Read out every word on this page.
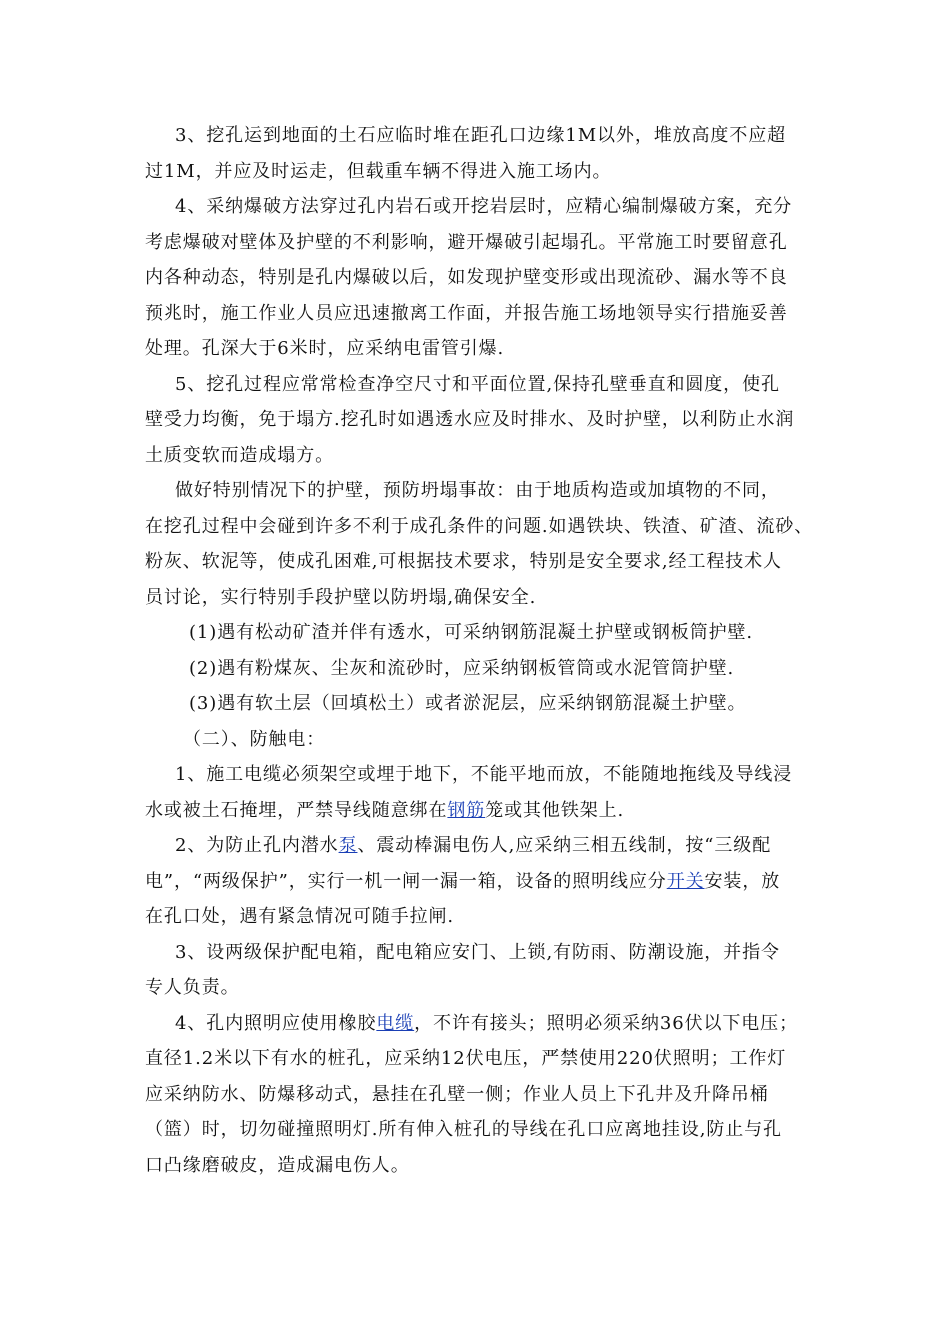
3、挖孔运到地面的土石应临时堆在距孔口边缘1M以外，堆放高度不应超
过1M，并应及时运走，但载重车辆不得进入施工场内。
4、采纳爆破方法穿过孔内岩石或开挖岩层时，应精心编制爆破方案，充分
考虑爆破对壁体及护壁的不利影响，避开爆破引起塌孔。平常施工时要留意孔
内各种动态，特别是孔内爆破以后，如发现护壁变形或出现流砂、漏水等不良
预兆时，施工作业人员应迅速撤离工作面，并报告施工场地领导实行措施妥善
处理。孔深大于6米时，应采纳电雷管引爆.
5、挖孔过程应常常检查净空尺寸和平面位置,保持孔壁垂直和圆度，使孔
壁受力均衡，免于塌方.挖孔时如遇透水应及时排水、及时护壁，以利防止水润
土质变软而造成塌方。
做好特别情况下的护壁，预防坍塌事故：由于地质构造或加填物的不同，
在挖孔过程中会碰到许多不利于成孔条件的问题.如遇铁块、铁渣、矿渣、流砂、
粉灰、软泥等，使成孔困难,可根据技术要求，特别是安全要求,经工程技术人
员讨论，实行特别手段护壁以防坍塌,确保安全.
(1)遇有松动矿渣并伴有透水，可采纳钢筋混凝土护壁或钢板筒护壁.
(2)遇有粉煤灰、尘灰和流砂时，应采纳钢板管筒或水泥管筒护壁.
(3)遇有软土层（回填松土）或者淤泥层，应采纳钢筋混凝土护壁。
（二）、防触电：
1、施工电缆必须架空或埋于地下，不能平地而放，不能随地拖线及导线浸
水或被土石掩埋，严禁导线随意绑在钢筋笼或其他铁架上.
2、为防止孔内潜水泵、震动棒漏电伤人,应采纳三相五线制，按“三级配
电”，“两级保护”，实行一机一闸一漏一箱，设备的照明线应分开关安装，放
在孔口处，遇有紧急情况可随手拉闸.
3、设两级保护配电箱，配电箱应安门、上锁,有防雨、防潮设施，并指令
专人负责。
4、孔内照明应使用橡胶电缆，不许有接头；照明必须采纳36伏以下电压；
直径1.2米以下有水的桩孔，应采纳12伏电压，严禁使用220伏照明；工作灯
应采纳防水、防爆移动式，悬挂在孔壁一侧；作业人员上下孔井及升降吊桶
（篮）时，切勿碰撞照明灯.所有伸入桩孔的导线在孔口应离地挂设,防止与孔
口凸缘磨破皮，造成漏电伤人。
